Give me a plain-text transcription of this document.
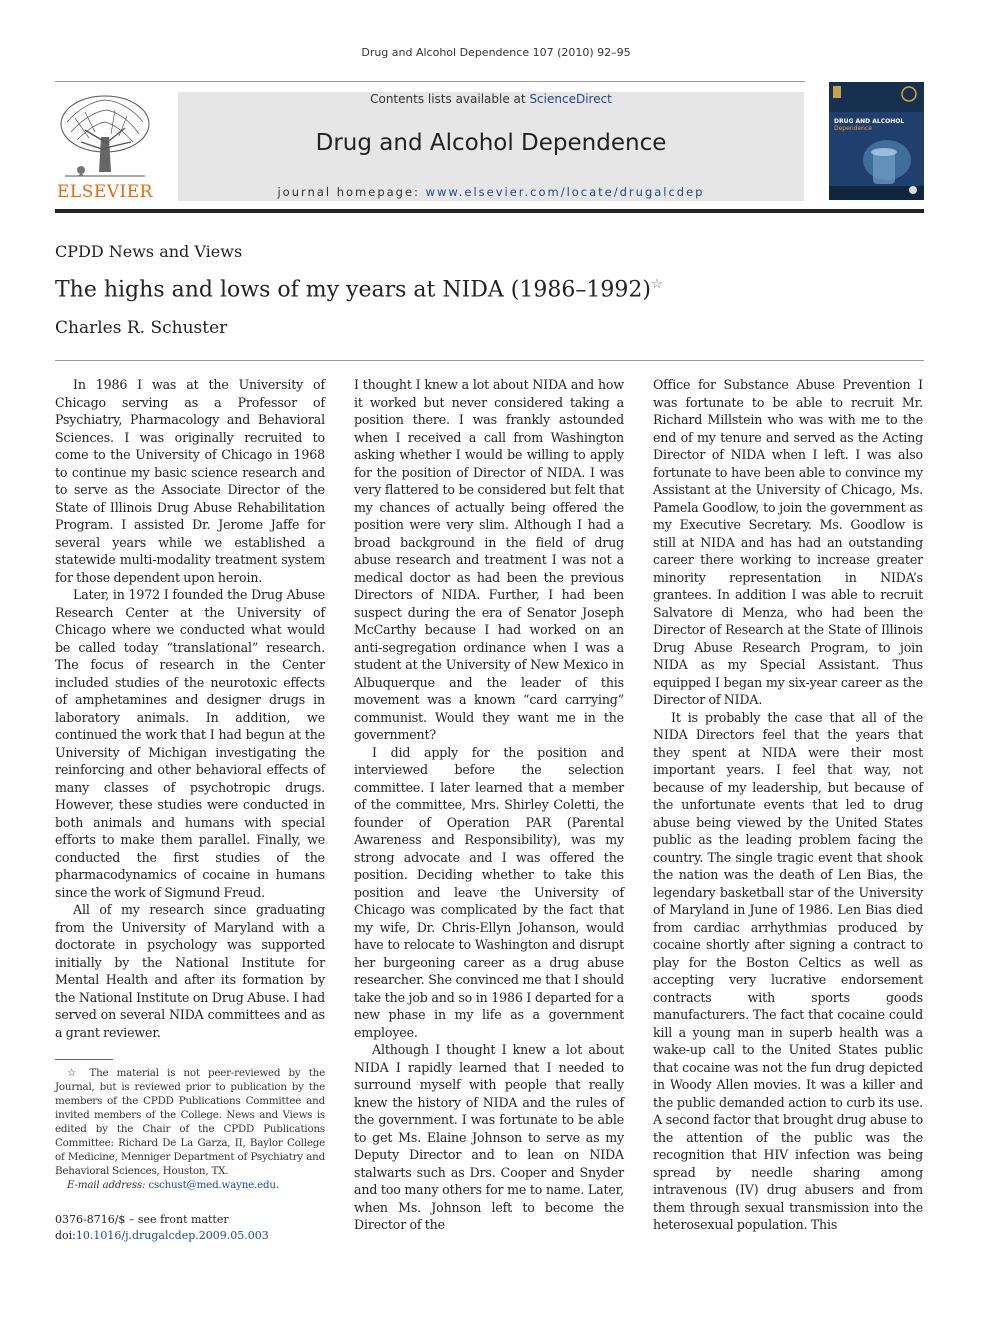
Drug and Alcohol Dependence 107 (2010) 92–95
ELSEVIER
Contents lists available at ScienceDirect
Drug and Alcohol Dependence
journal homepage: www.elsevier.com/locate/drugalcdep
DRUG AND ALCOHOL
Dependence
CPDD News and Views
The highs and lows of my years at NIDA (1986–1992)☆
Charles R. Schuster

In 1986 I was at the University of Chicago serving as a Professor of Psychiatry, Pharmacology and Behavioral Sciences. I was originally recruited to come to the University of Chicago in 1968 to continue my basic science research and to serve as the Associate Director of the State of Illinois Drug Abuse Rehabilitation Program. I assisted Dr. Jerome Jaffe for several years while we established a statewide multi-modality treatment system for those dependent upon heroin.

Later, in 1972 I founded the Drug Abuse Research Center at the University of Chicago where we conducted what would be called today “translational” research. The focus of research in the Center included studies of the neurotoxic effects of amphetamines and designer drugs in laboratory animals. In addition, we continued the work that I had begun at the University of Michigan investigating the reinforcing and other behavioral effects of many classes of psychotropic drugs. However, these studies were conducted in both animals and humans with special efforts to make them parallel. Finally, we conducted the first studies of the pharmacodynamics of cocaine in humans since the work of Sigmund Freud.

All of my research since graduating from the University of Maryland with a doctorate in psychology was supported initially by the National Institute for Mental Health and after its formation by the National Institute on Drug Abuse. I had served on several NIDA committees and as a grant reviewer.

I thought I knew a lot about NIDA and how it worked but never considered taking a position there. I was frankly astounded when I received a call from Washington asking whether I would be willing to apply for the position of Director of NIDA. I was very flattered to be considered but felt that my chances of actually being offered the position were very slim. Although I had a broad background in the field of drug abuse research and treatment I was not a medical doctor as had been the previous Directors of NIDA. Further, I had been suspect during the era of Senator Joseph McCarthy because I had worked on an anti-segregation ordinance when I was a student at the University of New Mexico in Albuquerque and the leader of this movement was a known “card carrying” communist. Would they want me in the government?

I did apply for the position and interviewed before the selection committee. I later learned that a member of the committee, Mrs. Shirley Coletti, the founder of Operation PAR (Parental Awareness and Responsibility), was my strong advocate and I was offered the position. Deciding whether to take this position and leave the University of Chicago was complicated by the fact that my wife, Dr. Chris-Ellyn Johanson, would have to relocate to Washington and disrupt her burgeoning career as a drug abuse researcher. She convinced me that I should take the job and so in 1986 I departed for a new phase in my life as a government employee.

Although I thought I knew a lot about NIDA I rapidly learned that I needed to surround myself with people that really knew the history of NIDA and the rules of the government. I was fortunate to be able to get Ms. Elaine Johnson to serve as my Deputy Director and to lean on NIDA stalwarts such as Drs. Cooper and Snyder and too many others for me to name. Later, when Ms. Johnson left to become the Director of the

Office for Substance Abuse Prevention I was fortunate to be able to recruit Mr. Richard Millstein who was with me to the end of my tenure and served as the Acting Director of NIDA when I left. I was also fortunate to have been able to convince my Assistant at the University of Chicago, Ms. Pamela Goodlow, to join the government as my Executive Secretary. Ms. Goodlow is still at NIDA and has had an outstanding career there working to increase greater minority representation in NIDA’s grantees. In addition I was able to recruit Salvatore di Menza, who had been the Director of Research at the State of Illinois Drug Abuse Research Program, to join NIDA as my Special Assistant. Thus equipped I began my six-year career as the Director of NIDA.

It is probably the case that all of the NIDA Directors feel that the years that they spent at NIDA were their most important years. I feel that way, not because of my leadership, but because of the unfortunate events that led to drug abuse being viewed by the United States public as the leading problem facing the country. The single tragic event that shook the nation was the death of Len Bias, the legendary basketball star of the University of Maryland in June of 1986. Len Bias died from cardiac arrhythmias produced by cocaine shortly after signing a contract to play for the Boston Celtics as well as accepting very lucrative endorsement contracts with sports goods manufacturers. The fact that cocaine could kill a young man in superb health was a wake-up call to the United States public that cocaine was not the fun drug depicted in Woody Allen movies. It was a killer and the public demanded action to curb its use. A second factor that brought drug abuse to the attention of the public was the recognition that HIV infection was being spread by needle sharing among intravenous (IV) drug abusers and from them through sexual transmission into the heterosexual population. This

☆ The material is not peer-reviewed by the Journal, but is reviewed prior to publication by the members of the CPDD Publications Committee and invited members of the College. News and Views is edited by the Chair of the CPDD Publications Committee: Richard De La Garza, II, Baylor College of Medicine, Menniger Department of Psychiatry and Behavioral Sciences, Houston, TX.

E-mail address: cschust@med.wayne.edu.

0376-8716/$ – see front matter
doi:10.1016/j.drugalcdep.2009.05.003
